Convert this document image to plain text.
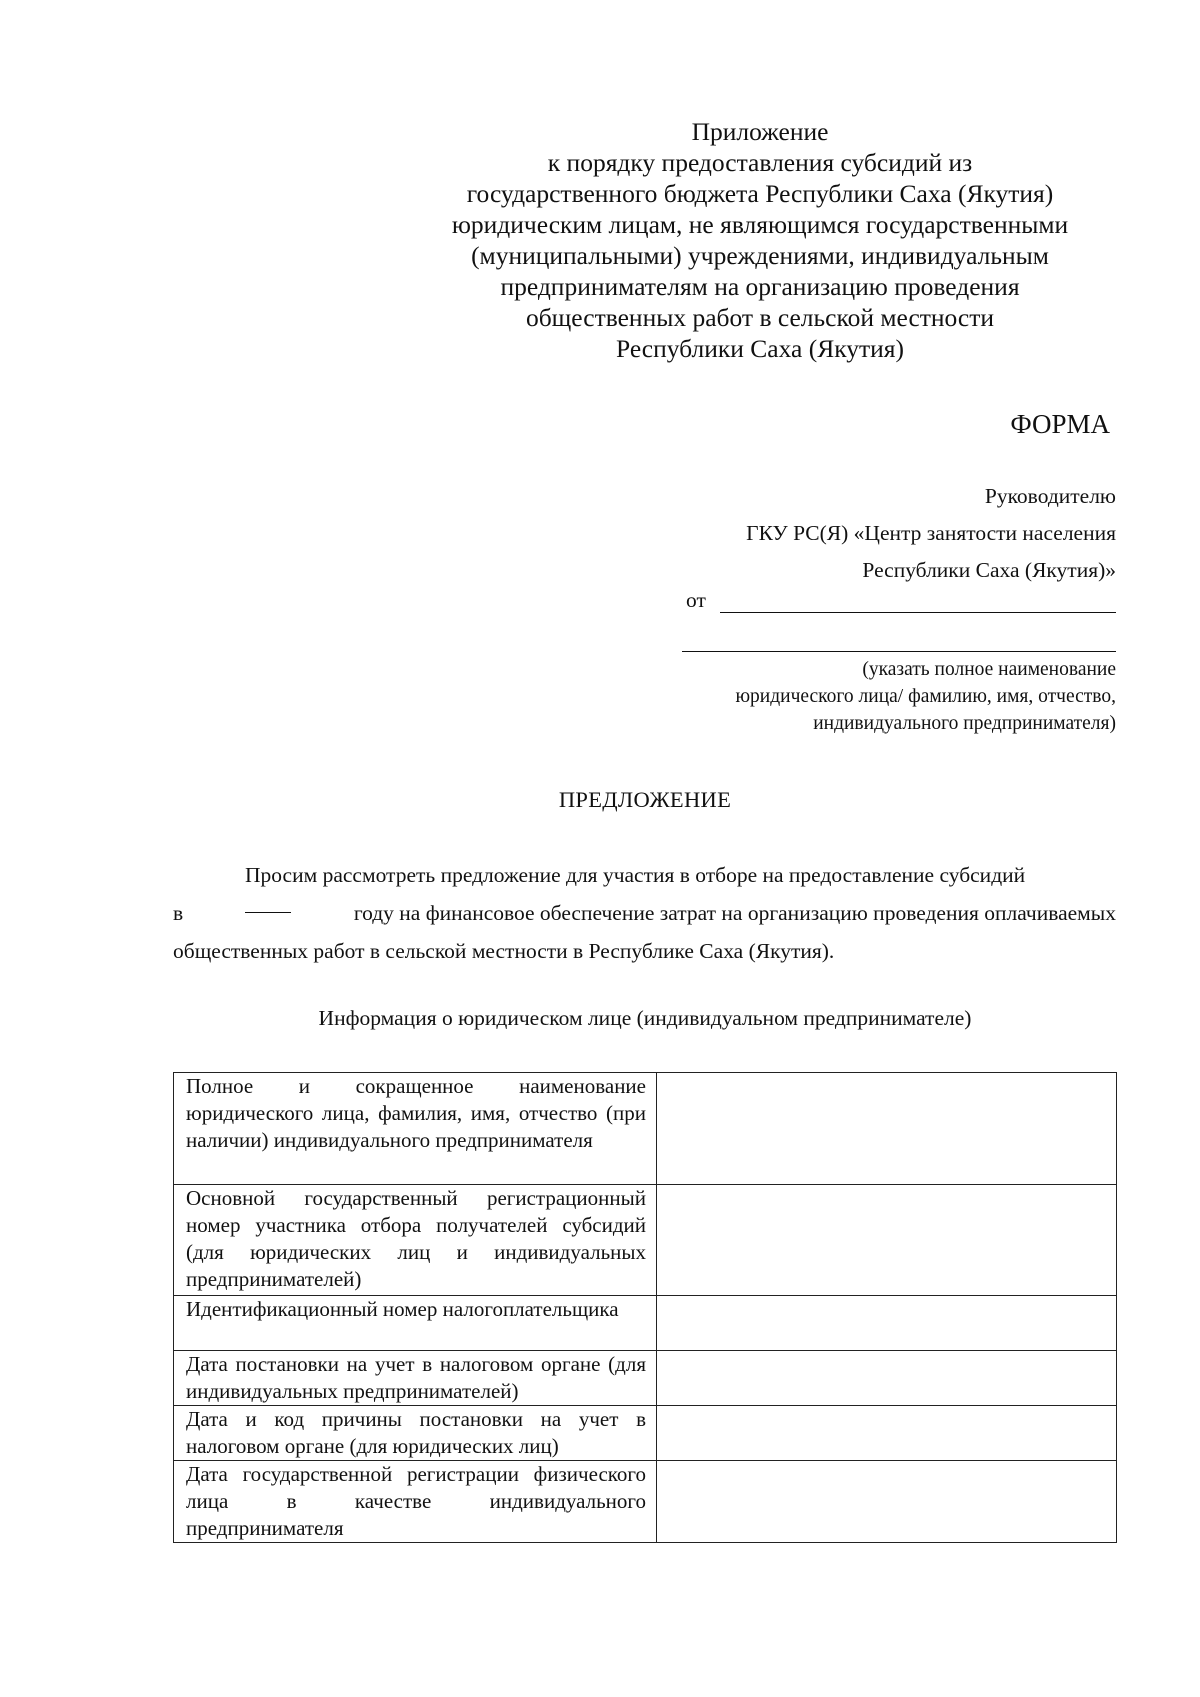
Приложение
к порядку предоставления субсидий из
государственного бюджета Республики Саха (Якутия)
юридическим лицам, не являющимся государственными
(муниципальными) учреждениями, индивидуальным
предпринимателям на организацию проведения
общественных работ в сельской местности
Республики Саха (Якутия)
ФОРМА
Руководителю
ГКУ РС(Я) «Центр занятости населения
Республики Саха (Якутия)»
от
(указать полное наименование
юридического лица/ фамилию, имя, отчество,
индивидуального предпринимателя)
ПРЕДЛОЖЕНИЕ
Просим рассмотреть предложение для участия в отборе на предоставление субсидий
в	году на финансовое обеспечение затрат на организацию проведения оплачиваемых
общественных работ в сельской местности в Республике Саха (Якутия).
Информация о юридическом лице (индивидуальном предпринимателе)
Полное и сокращенное наименование юридического лица, фамилия, имя, отчество (при наличии) индивидуального предпринимателя	
Основной государственный регистрационный номер участника отбора получателей субсидий (для юридических лиц и индивидуальных предпринимателей)	
Идентификационный номер налогоплательщика	
Дата постановки на учет в налоговом органе (для индивидуальных предпринимателей)	
Дата и код причины постановки на учет в налоговом органе (для юридических лиц)	
Дата государственной регистрации физического лица в качестве индивидуального предпринимателя	
